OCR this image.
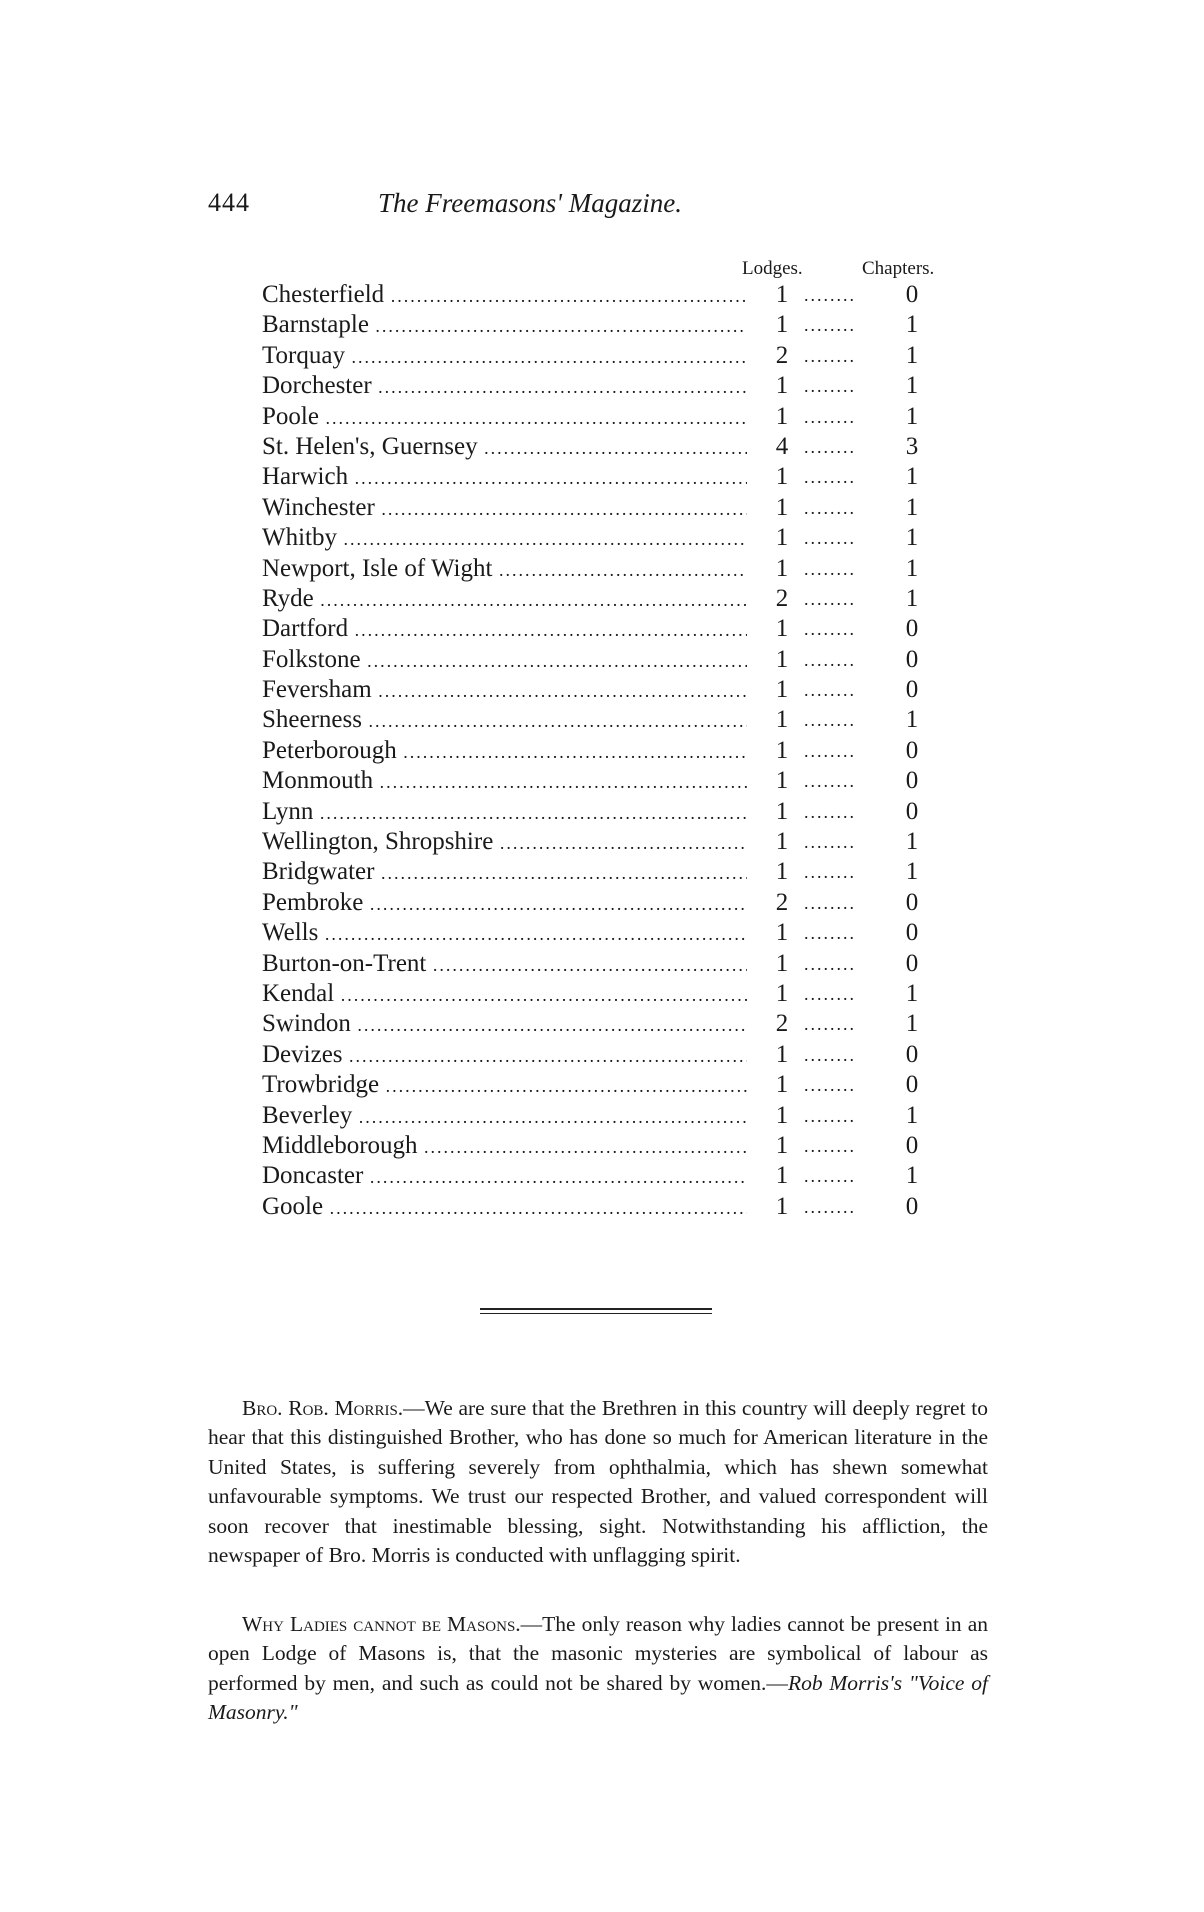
444	The Freemasons' Magazine.
Lodges.	Chapters.
Chesterfield .....	1 ........	0
Barnstaple .....	1 ........	1
Torquay .....	2 ........	1
Dorchester .....	1 ........	1
Poole .....	1 ........	1
St. Helen's, Guernsey .....	4 ........	3
Harwich .....	1 ........	1
Winchester .....	1 ........	1
Whitby .....	1 ........	1
Newport, Isle of Wight .....	1 ........	1
Ryde .....	2 ........	1
Dartford .....	1 ........	0
Folkstone .....	1 ........	0
Feversham .....	1 ........	0
Sheerness .....	1 ........	1
Peterborough .....	1 ........	0
Monmouth .....	1 ........	0
Lynn .....	1 ........	0
Wellington, Shropshire .....	1 ........	1
Bridgwater .....	1 ........	1
Pembroke .....	2 ........	0
Wells .....	1 ........	0
Burton-on-Trent .....	1 ........	0
Kendal .....	1 ........	1
Swindon .....	2 ........	1
Devizes .....	1 ........	0
Trowbridge .....	1 ........	0
Beverley .....	1 ........	1
Middleborough .....	1 ........	0
Doncaster .....	1 ........	1
Goole .....	1 ........	0

Bro. Rob. Morris.—We are sure that the Brethren in this country will deeply regret to hear that this distinguished Brother, who has done so much for American literature in the United States, is suffering severely from ophthalmia, which has shewn somewhat unfavourable symptoms. We trust our respected Brother, and valued correspondent will soon recover that inestimable blessing, sight. Notwithstanding his affliction, the newspaper of Bro. Morris is conducted with unflagging spirit.

Why Ladies cannot be Masons.—The only reason why ladies cannot be present in an open Lodge of Masons is, that the masonic mysteries are symbolical of labour as performed by men, and such as could not be shared by women.—Rob Morris's "Voice of Masonry."
